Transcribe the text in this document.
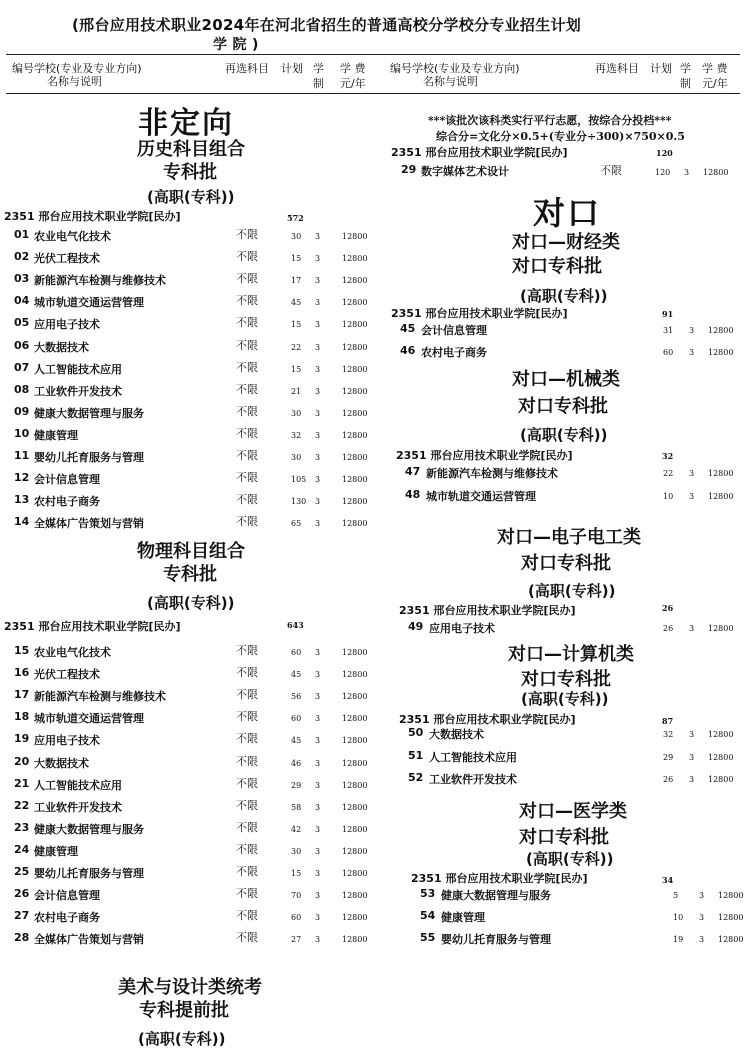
(邢台应用技术职业2024年在河北省招生的普通高校分学校分专业招生计划
学 院 )
编号学校(专业及专业方向)
名称与说明
再选科目 计划 学
制
学 费
元/年
编号学校(专业及专业方向)
名称与说明
再选科目 计划 学
制
学 费
元/年
非定向
历史科目组合
专科批
(高职(专科))
2351 邢台应用技术职业学院[民办]	572
01 农业电气化技术	不限	30 3	12800
02 光伏工程技术	不限	15 3	12800
03 新能源汽车检测与维修技术	不限	17 3	12800
04 城市轨道交通运营管理	不限	45 3	12800
05 应用电子技术	不限	15 3	12800
06 大数据技术	不限	22 3	12800
07 人工智能技术应用	不限	15 3	12800
08 工业软件开发技术	不限	21 3	12800
09 健康大数据管理与服务	不限	30 3	12800
10 健康管理	不限	32 3	12800
11 婴幼儿托育服务与管理	不限	30 3	12800
12 会计信息管理	不限	105 3	12800
13 农村电子商务	不限	130 3	12800
14 全媒体广告策划与营销	不限	65 3	12800
物理科目组合
专科批
(高职(专科))
2351 邢台应用技术职业学院[民办]	643
15 农业电气化技术	不限	60 3	12800
16 光伏工程技术	不限	45 3	12800
17 新能源汽车检测与维修技术	不限	56 3	12800
18 城市轨道交通运营管理	不限	60 3	12800
19 应用电子技术	不限	45 3	12800
20 大数据技术	不限	46 3	12800
21 人工智能技术应用	不限	29 3	12800
22 工业软件开发技术	不限	58 3	12800
23 健康大数据管理与服务	不限	42 3	12800
24 健康管理	不限	30 3	12800
25 婴幼儿托育服务与管理	不限	15 3	12800
26 会计信息管理	不限	70 3	12800
27 农村电子商务	不限	60 3	12800
28 全媒体广告策划与营销	不限	27 3	12800
美术与设计类统考
专科提前批
(高职(专科))
***该批次该科类实行平行志愿，按综合分投档***
综合分=文化分×0.5+(专业分÷300)×750×0.5
2351 邢台应用技术职业学院[民办]	120
29 数字媒体艺术设计	不限	120 3 12800
对口
对口—财经类
对口专科批
(高职(专科))
2351 邢台应用技术职业学院[民办]	91
45 会计信息管理	31 3 12800
46 农村电子商务	60 3 12800
对口—机械类
对口专科批
(高职(专科))
2351 邢台应用技术职业学院[民办]	32
47 新能源汽车检测与维修技术	22 3 12800
48 城市轨道交通运营管理	10 3 12800
对口—电子电工类
对口专科批
(高职(专科))
2351 邢台应用技术职业学院[民办]	26
49 应用电子技术	26 3 12800
对口—计算机类
对口专科批
(高职(专科))
2351 邢台应用技术职业学院[民办]	87
50 大数据技术	32 3 12800
51 人工智能技术应用	29 3 12800
52 工业软件开发技术	26 3 12800
对口—医学类
对口专科批
(高职(专科))
2351 邢台应用技术职业学院[民办]	34
53 健康大数据管理与服务	5	3 12800
54 健康管理	10 3 12800
55 婴幼儿托育服务与管理	19 3 12800
